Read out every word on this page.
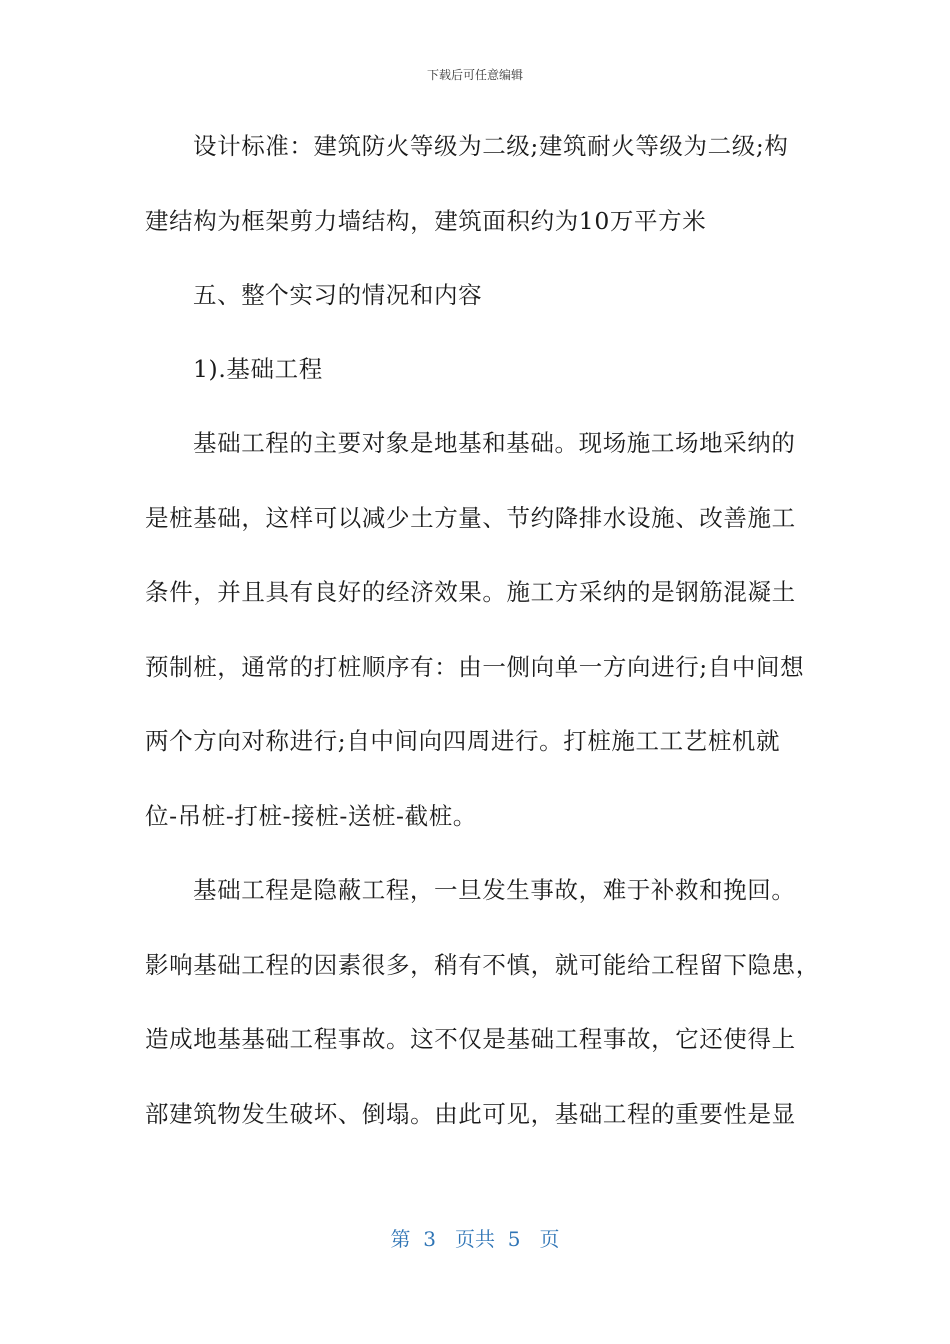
下载后可任意编辑
设计标准：建筑防火等级为二级;建筑耐火等级为二级;构
建结构为框架剪力墙结构，建筑面积约为10万平方米
五、整个实习的情况和内容
1).基础工程
基础工程的主要对象是地基和基础。现场施工场地采纳的
是桩基础，这样可以减少土方量、节约降排水设施、改善施工
条件，并且具有良好的经济效果。施工方采纳的是钢筋混凝土
预制桩，通常的打桩顺序有：由一侧向单一方向进行;自中间想
两个方向对称进行;自中间向四周进行。打桩施工工艺桩机就
位-吊桩-打桩-接桩-送桩-截桩。
基础工程是隐蔽工程，一旦发生事故，难于补救和挽回。
影响基础工程的因素很多，稍有不慎，就可能给工程留下隐患，
造成地基基础工程事故。这不仅是基础工程事故，它还使得上
部建筑物发生破坏、倒塌。由此可见，基础工程的重要性是显
第  3   页共  5   页
